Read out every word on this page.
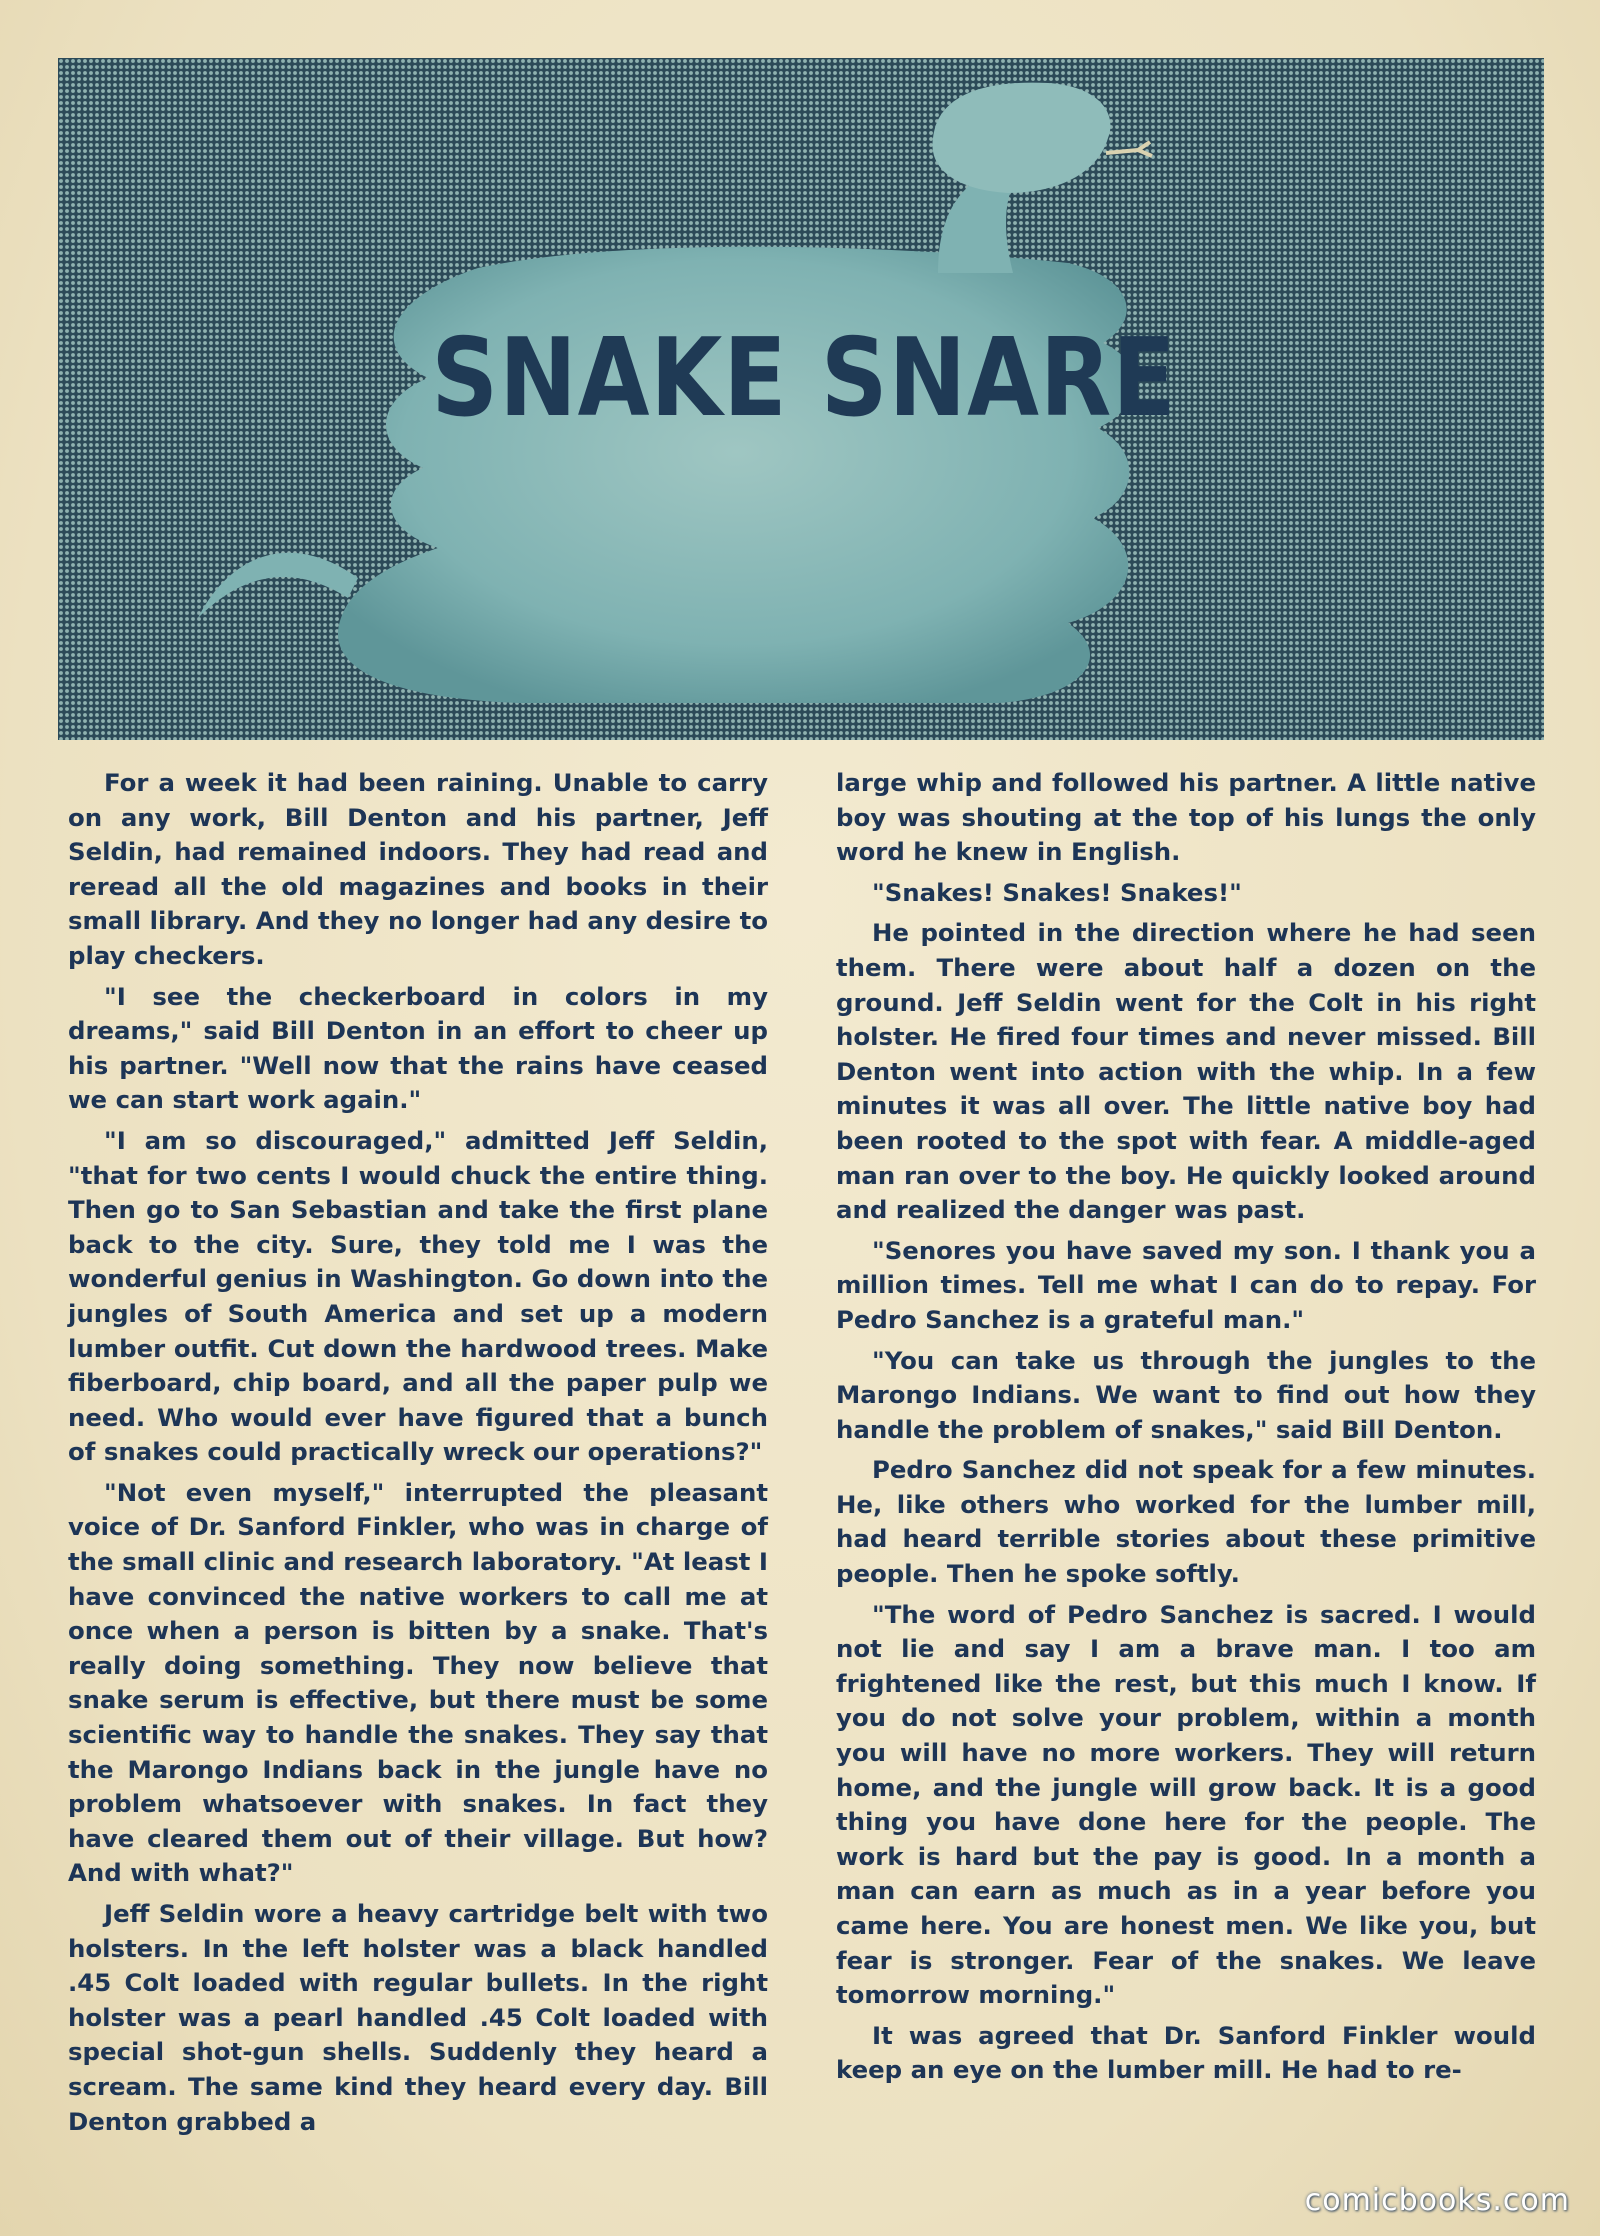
SNAKE SNARE

For a week it had been raining. Unable to carry on any work, Bill Denton and his partner, Jeff Seldin, had remained indoors. They had read and reread all the old magazines and books in their small library. And they no longer had any desire to play checkers.

"I see the checkerboard in colors in my dreams," said Bill Denton in an effort to cheer up his partner. "Well now that the rains have ceased we can start work again."

"I am so discouraged," admitted Jeff Seldin, "that for two cents I would chuck the entire thing. Then go to San Sebastian and take the first plane back to the city. Sure, they told me I was the wonderful genius in Washington. Go down into the jungles of South America and set up a modern lumber outfit. Cut down the hardwood trees. Make fiberboard, chip board, and all the paper pulp we need. Who would ever have figured that a bunch of snakes could practically wreck our operations?"

"Not even myself," interrupted the pleasant voice of Dr. Sanford Finkler, who was in charge of the small clinic and research laboratory. "At least I have convinced the native workers to call me at once when a person is bitten by a snake. That's really doing something. They now believe that snake serum is effective, but there must be some scientific way to handle the snakes. They say that the Marongo Indians back in the jungle have no problem whatsoever with snakes. In fact they have cleared them out of their village. But how? And with what?"

Jeff Seldin wore a heavy cartridge belt with two holsters. In the left holster was a black handled .45 Colt loaded with regular bullets. In the right holster was a pearl handled .45 Colt loaded with special shot-gun shells. Suddenly they heard a scream. The same kind they heard every day. Bill Denton grabbed a

large whip and followed his partner. A little native boy was shouting at the top of his lungs the only word he knew in English.

"Snakes! Snakes! Snakes!"

He pointed in the direction where he had seen them. There were about half a dozen on the ground. Jeff Seldin went for the Colt in his right holster. He fired four times and never missed. Bill Denton went into action with the whip. In a few minutes it was all over. The little native boy had been rooted to the spot with fear. A middle-aged man ran over to the boy. He quickly looked around and realized the danger was past.

"Senores you have saved my son. I thank you a million times. Tell me what I can do to repay. For Pedro Sanchez is a grateful man."

"You can take us through the jungles to the Marongo Indians. We want to find out how they handle the problem of snakes," said Bill Denton.

Pedro Sanchez did not speak for a few minutes. He, like others who worked for the lumber mill, had heard terrible stories about these primitive people. Then he spoke softly.

"The word of Pedro Sanchez is sacred. I would not lie and say I am a brave man. I too am frightened like the rest, but this much I know. If you do not solve your problem, within a month you will have no more workers. They will return home, and the jungle will grow back. It is a good thing you have done here for the people. The work is hard but the pay is good. In a month a man can earn as much as in a year before you came here. You are honest men. We like you, but fear is stronger. Fear of the snakes. We leave tomorrow morning."

It was agreed that Dr. Sanford Finkler would keep an eye on the lumber mill. He had to re-

comicbooks.com
